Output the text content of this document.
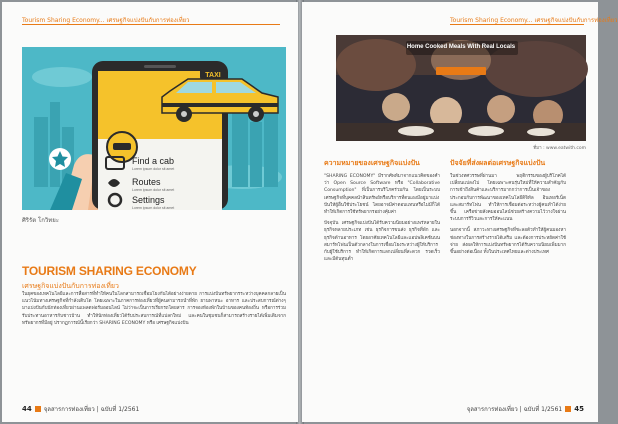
Tourism Sharing Economy... เศรษฐกิจแบ่งปันกับการท่องเที่ยว
TAXI
Find a cab
Lorem ipsum dolor sit amet
Routes
Lorem ipsum dolor sit amet
Settings
Lorem ipsum dolor sit amet
ศิริรัต โกวิทยะ
TOURISM SHARING ECONOMY
เศรษฐกิจแบ่งปันกับการท่องเที่ยว
ในยุคของเทคโนโลยีและการสื่อสารที่ทำให้คนในโลกสามารถเชื่อมโยงกันได้อย่างง่ายดาย การแบ่งปันทรัพยากรระหว่างบุคคลกลายเป็นแนวโน้มทางเศรษฐกิจที่กำลังเติบโต โดยเฉพาะในภาคการท่องเที่ยวที่ผู้คนสามารถนำที่พัก ยานพาหนะ อาหาร และประสบการณ์ต่างๆ มาแบ่งปันกับนักท่องเที่ยวผ่านแพลตฟอร์มออนไลน์ ไม่ว่าจะเป็นการเรียกรถโดยสาร การจองห้องพักในบ้านของคนท้องถิ่น หรือการร่วมรับประทานอาหารกับชาวบ้าน ทำให้นักท่องเที่ยวได้รับประสบการณ์ที่แปลกใหม่ และคนในชุมชนก็สามารถสร้างรายได้เพิ่มเติมจากทรัพยากรที่มีอยู่ ปรากฏการณ์นี้เรียกว่า SHARING ECONOMY หรือ เศรษฐกิจแบ่งปัน
44 จุลสารการท่องเที่ยว | ฉบับที่ 1/2561
Tourism Sharing Economy... เศรษฐกิจแบ่งปันกับการท่องเที่ยว
Home Cooked Meals With Real Locals
ที่มา : www.eatwith.com
ความหมายของเศรษฐกิจแบ่งปัน

"SHARING ECONOMY" มีรากศัพท์มาจากแนวคิดของคำว่า Open Source Software หรือ "Collaborative Consumption" ที่เป็นการบริโภคร่วมกัน โดยเป็นระบบเศรษฐกิจที่บุคคลนำสินทรัพย์หรือบริการที่ตนเองมีอยู่มาแบ่งปันให้ผู้อื่นใช้ประโยชน์ โดยอาจมีค่าตอบแทนหรือไม่มีก็ได้ ทำให้เกิดการใช้ทรัพยากรอย่างคุ้มค่า

ปัจจุบัน เศรษฐกิจแบ่งปันได้รับความนิยมอย่างแพร่หลายในธุรกิจหลายประเภท เช่น ธุรกิจการขนส่ง ธุรกิจที่พัก และธุรกิจด้านอาหาร โดยอาศัยเทคโนโลยีและแอปพลิเคชันบนสมาร์ทโฟนเป็นตัวกลางในการเชื่อมโยงระหว่างผู้ให้บริการกับผู้ใช้บริการ ทำให้เกิดการแลกเปลี่ยนที่สะดวก รวดเร็ว และมีต้นทุนต่ำ

ปัจจัยที่ส่งผลต่อเศรษฐกิจแบ่งปัน

ในช่วงทศวรรษที่ผ่านมา พฤติกรรมของผู้บริโภคได้เปลี่ยนแปลงไป โดยเฉพาะคนรุ่นใหม่ที่ให้ความสำคัญกับการเข้าถึงสินค้าและบริการมากกว่าการเป็นเจ้าของ ประกอบกับการพัฒนาของเทคโนโลยีดิจิทัล อินเทอร์เน็ต และสมาร์ทโฟน ทำให้การเชื่อมต่อระหว่างผู้คนทำได้ง่ายขึ้น เครือข่ายสังคมออนไลน์ช่วยสร้างความไว้วางใจผ่านระบบการรีวิวและการให้คะแนน

นอกจากนี้ สภาวะทางเศรษฐกิจที่ชะลอตัวทำให้ผู้คนมองหาช่องทางในการสร้างรายได้เสริม และต้องการประหยัดค่าใช้จ่าย ส่งผลให้การแบ่งปันทรัพยากรได้รับความนิยมเพิ่มมากขึ้นอย่างต่อเนื่อง ทั้งในประเทศไทยและต่างประเทศ

จุลสารการท่องเที่ยว | ฉบับที่ 1/2561 45
